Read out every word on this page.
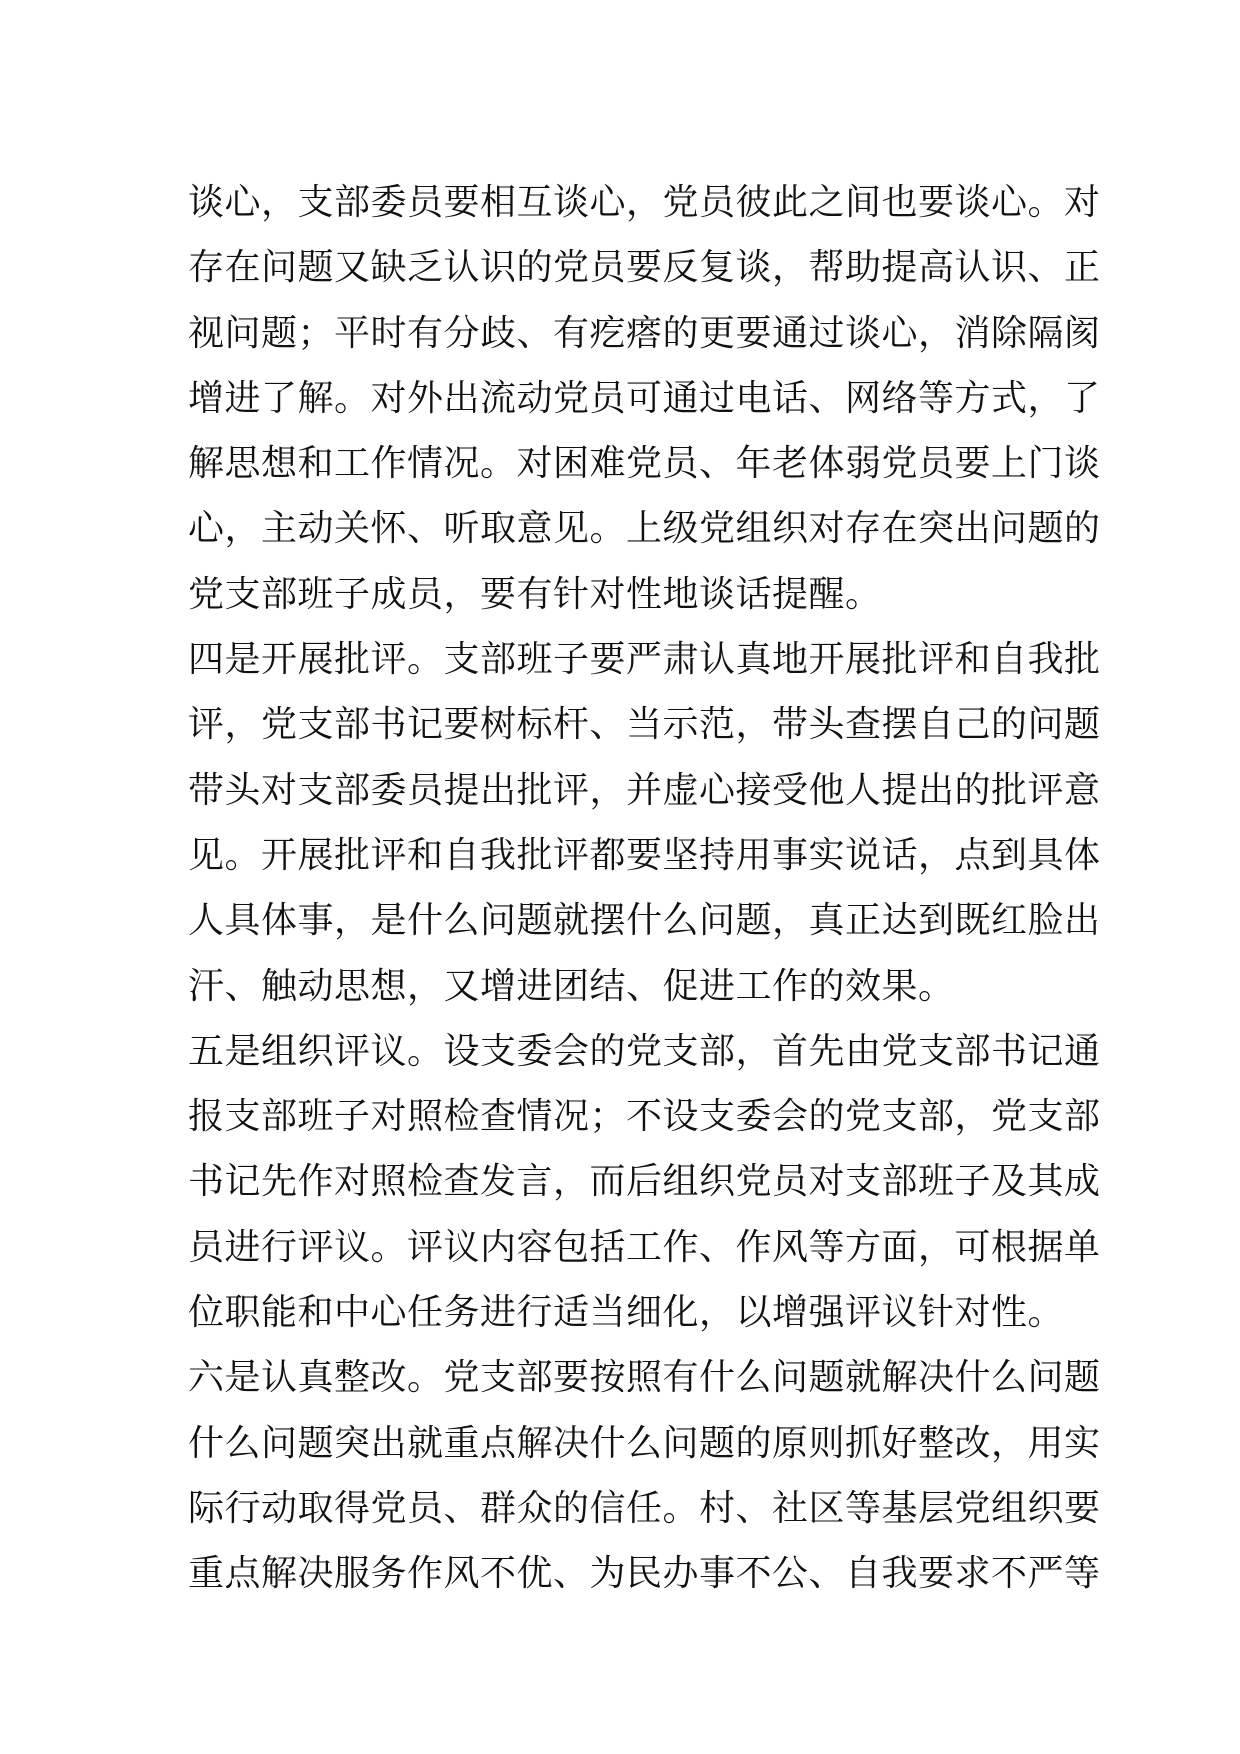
谈心，支部委员要相互谈心，党员彼此之间也要谈心。对
存在问题又缺乏认识的党员要反复谈，帮助提高认识、正
视问题；平时有分歧、有疙瘩的更要通过谈心，消除隔阂
增进了解。对外出流动党员可通过电话、网络等方式，了
解思想和工作情况。对困难党员、年老体弱党员要上门谈
心，主动关怀、听取意见。上级党组织对存在突出问题的
党支部班子成员，要有针对性地谈话提醒。
四是开展批评。支部班子要严肃认真地开展批评和自我批
评，党支部书记要树标杆、当示范，带头查摆自己的问题
带头对支部委员提出批评，并虚心接受他人提出的批评意
见。开展批评和自我批评都要坚持用事实说话，点到具体
人具体事，是什么问题就摆什么问题，真正达到既红脸出
汗、触动思想，又增进团结、促进工作的效果。
五是组织评议。设支委会的党支部，首先由党支部书记通
报支部班子对照检查情况；不设支委会的党支部，党支部
书记先作对照检查发言，而后组织党员对支部班子及其成
员进行评议。评议内容包括工作、作风等方面，可根据单
位职能和中心任务进行适当细化，以增强评议针对性。
六是认真整改。党支部要按照有什么问题就解决什么问题
什么问题突出就重点解决什么问题的原则抓好整改，用实
际行动取得党员、群众的信任。村、社区等基层党组织要
重点解决服务作风不优、为民办事不公、自我要求不严等
